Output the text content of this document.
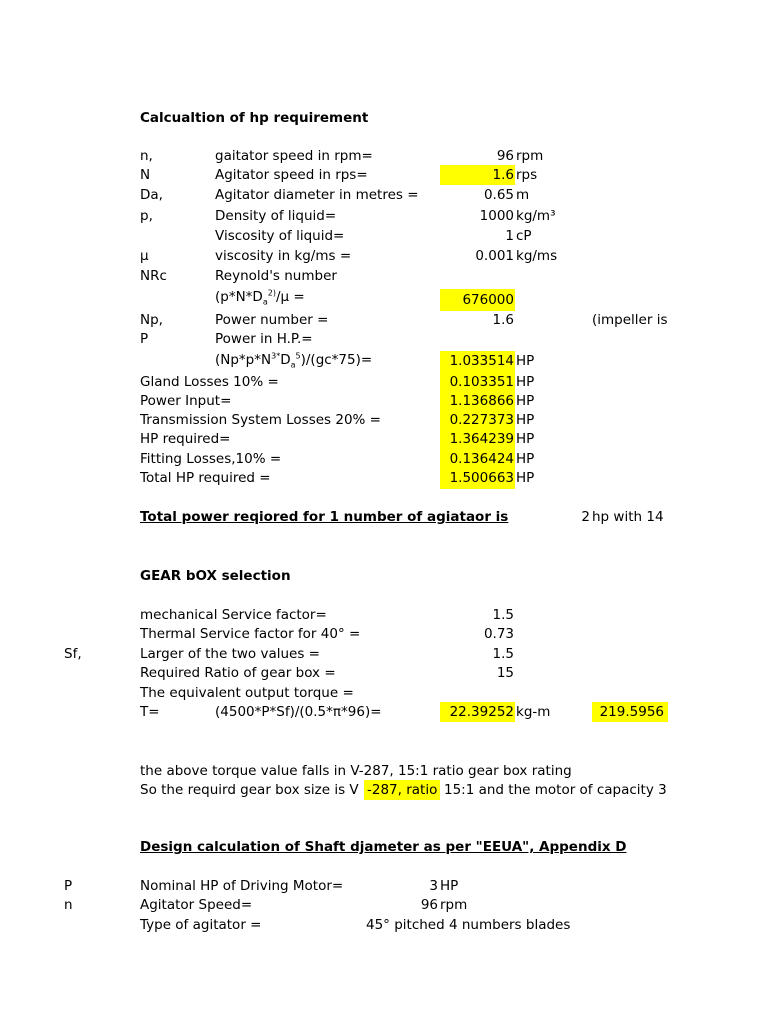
Calcualtion of hp requirement
n,	gaitator speed in rpm=	96 rpm
N	Agitator speed in rps=	1.6 rps
Da,	Agitator diameter in metres =	0.65 m
p,	Density of liquid=	1000 kg/m³
Viscosity of liquid=	1 cP
µ	viscosity in kg/ms =	0.001 kg/ms
NRc	Reynold's number
($p*N*D_a^{2)}/\mu$ =	676000
Np,	Power number =	1.6	(impeller is
P	Power in H.P.=
$(Np*p*N^{3*}D_a^5)/(gc*75)=$	1.033514 HP
Gland Losses 10% =	0.103351 HP
Power Input=	1.136866 HP
Transmission System Losses 20% =	0.227373 HP
HP required=	1.364239 HP
Fitting Losses,10% =	0.136424 HP
Total HP required =	1.500663 HP
Total power reqiored for 1 number of agiataor is	2 hp with 14
GEAR bOX selection
mechanical Service factor=	1.5
Thermal Service factor for 40° =	0.73
Sf,	Larger of the two values =	1.5
Required Ratio of gear box =	15
The equivalent output torque =
T=	(4500*P*Sf)/(0.5*π*96)=	22.39252 kg-m	219.5956
the above torque value falls in V-287, 15:1 ratio gear box rating
So the requird gear box size is V -287, ratio 15:1 and the motor of capacity 3
Design calculation of Shaft djameter as per "EEUA", Appendix D
P	Nominal HP of Driving Motor=	3 HP
n	Agitator Speed=	96 rpm
Type of agitator =	45° pitched 4 numbers blades
